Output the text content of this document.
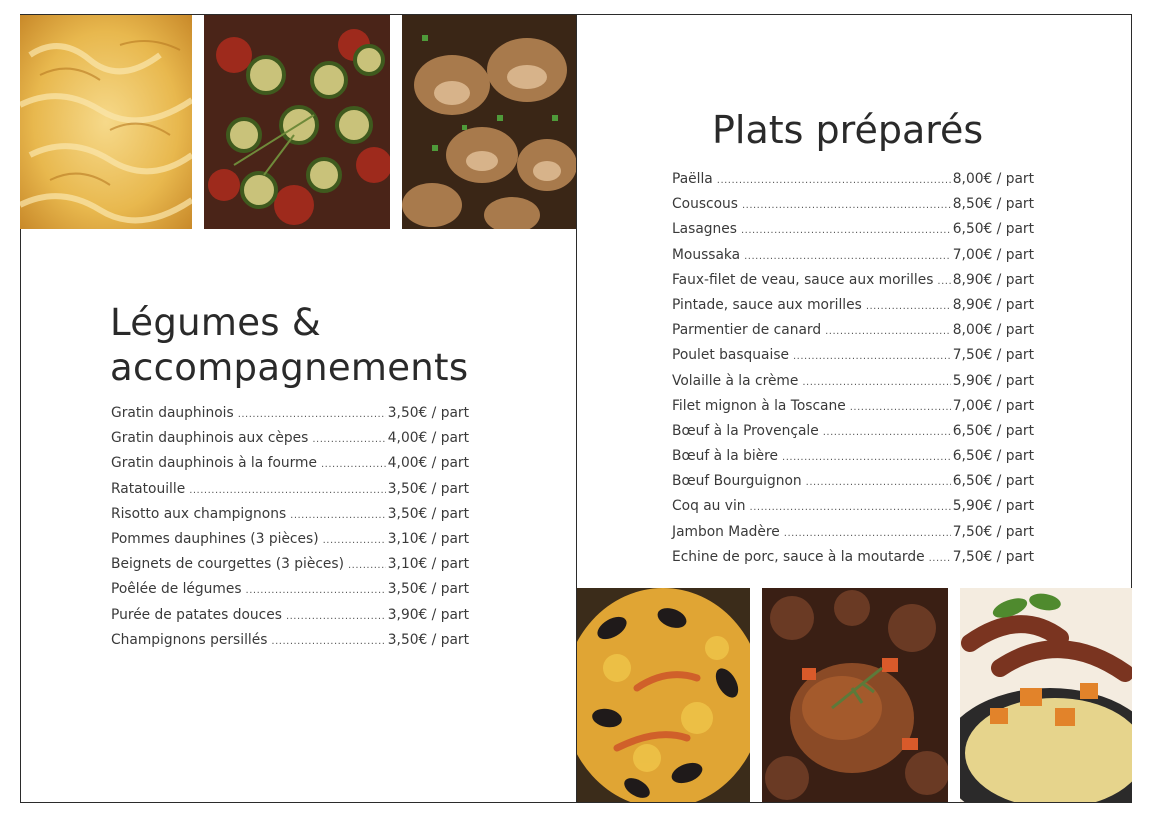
Légumes &
accompagnements
Gratin dauphinois .....	3,50€ / part
Gratin dauphinois aux cèpes .....	4,00€ / part
Gratin dauphinois à la fourme .....	4,00€ / part
Ratatouille .....	3,50€ / part
Risotto aux champignons .....	3,50€ / part
Pommes dauphines (3 pièces) .....	3,10€ / part
Beignets de courgettes (3 pièces) .....	3,10€ / part
Poêlée de légumes .....	3,50€ / part
Purée de patates douces .....	3,90€ / part
Champignons persillés .....	3,50€ / part
Plats préparés
Paëlla .....	8,00€ / part
Couscous .....	8,50€ / part
Lasagnes .....	6,50€ / part
Moussaka .....	7,00€ / part
Faux-filet de veau, sauce aux morilles ..... 8,90€ / part
Pintade, sauce aux morilles .....	8,90€ / part
Parmentier de canard .....	8,00€ / part
Poulet basquaise .....	7,50€ / part
Volaille à la crème .....	5,90€ / part
Filet mignon à la Toscane .....	7,00€ / part
Bœuf à la Provençale .....	6,50€ / part
Bœuf à la bière .....	6,50€ / part
Bœuf Bourguignon .....	6,50€ / part
Coq au vin .....	5,90€ / part
Jambon Madère .....	7,50€ / part
Echine de porc, sauce à la moutarde ..... 7,50€ / part
